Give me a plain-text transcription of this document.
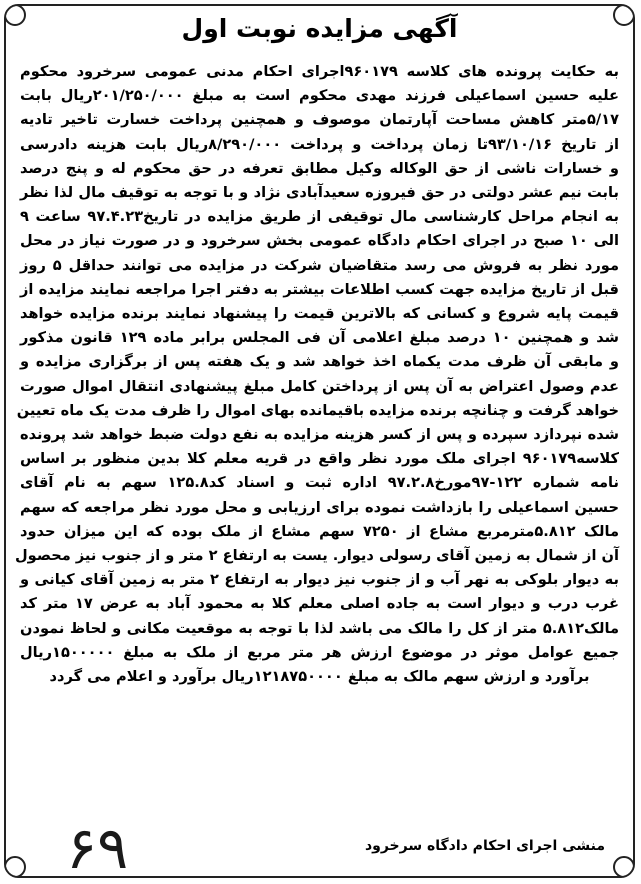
آگهی مزایده نوبت اول
به حکایت پرونده های کلاسه ۹۶۰۱۷۹اجرای احکام مدنی عمومی سرخرود محکوم
علیه حسین اسماعیلی فرزند مهدی محکوم است به مبلغ ۲۰۱/۲۵۰/۰۰۰ریال بابت
۵/۱۷متر کاهش مساحت آپارتمان موصوف و همچنین پرداخت خسارت تاخیر تادیه
از تاریخ ۹۳/۱۰/۱۶تا زمان پرداخت و پرداخت ۸/۲۹۰/۰۰۰ریال بابت هزینه دادرسی
و خسارات ناشی از حق الوکاله وکیل مطابق تعرفه در حق محکوم له و پنج درصد
بابت نیم عشر دولتی در حق فیروزه سعیدآبادی نژاد و با توجه به توقیف مال لذا نظر
به انجام مراحل کارشناسی مال توقیفی از طریق مزایده در تاریخ۹۷.۴.۲۳ ساعت ۹
الی ۱۰ صبح در اجرای احکام دادگاه عمومی بخش سرخرود و در صورت نیاز در محل
مورد نظر به فروش می رسد متقاضیان شرکت در مزایده می توانند حداقل ۵ روز
قبل از تاریخ مزایده جهت کسب اطلاعات بیشتر به دفتر اجرا مراجعه نمایند مزایده از
قیمت پایه شروع و کسانی که بالاترین قیمت را پیشنهاد نمایند برنده مزایده خواهد
شد و همچنین ۱۰ درصد مبلغ اعلامی آن فی المجلس برابر ماده ۱۲۹ قانون مذکور
و مابقی آن ظرف مدت یکماه اخذ خواهد شد و یک هفته پس از برگزاری مزایده و
عدم وصول اعتراض به آن پس از پرداختن کامل مبلغ پیشنهادی انتقال اموال صورت
خواهد گرفت و چنانچه برنده مزایده باقیمانده بهای اموال را ظرف مدت یک ماه تعیین
شده نپردازد سپرده و پس از کسر هزینه مزایده به نفع دولت ضبط خواهد شد پرونده
کلاسه۹۶۰۱۷۹ اجرای ملک مورد نظر واقع در قریه معلم کلا بدین منظور بر اساس
نامه شماره ۱۲۲-۹۷مورخ۹۷.۲.۸ اداره ثبت و اسناد کد۱۲۵.۸ سهم به نام آقای
حسین اسماعیلی را بازداشت نموده برای ارزیابی و محل مورد نظر مراجعه که سهم
مالک ۵.۸۱۲مترمربع مشاع از ۷۲۵۰ سهم مشاع از ملک بوده که این میزان حدود
آن از شمال به زمین آقای رسولی دیوار. یست به ارتفاع ۲ متر و از جنوب نیز محصول
به دیوار بلوکی به نهر آب و از جنوب نیز دیوار به ارتفاع ۲ متر به زمین آقای کیانی و
غرب درب و دیوار است به جاده اصلی معلم کلا به محمود آباد به عرض ۱۷ متر کد
مالک۵.۸۱۲ متر از کل را مالک می باشد لذا با توجه به موقعیت مکانی و لحاظ نمودن
جمیع عوامل موثر در موضوع ارزش هر متر مربع از ملک به مبلغ ۱۵۰۰۰۰۰ریال
برآورد و ارزش سهم مالک به مبلغ ۱۲۱۸۷۵۰۰۰۰ریال برآورد و اعلام می گردد
منشی اجرای احکام دادگاه سرخرود
۶۹
